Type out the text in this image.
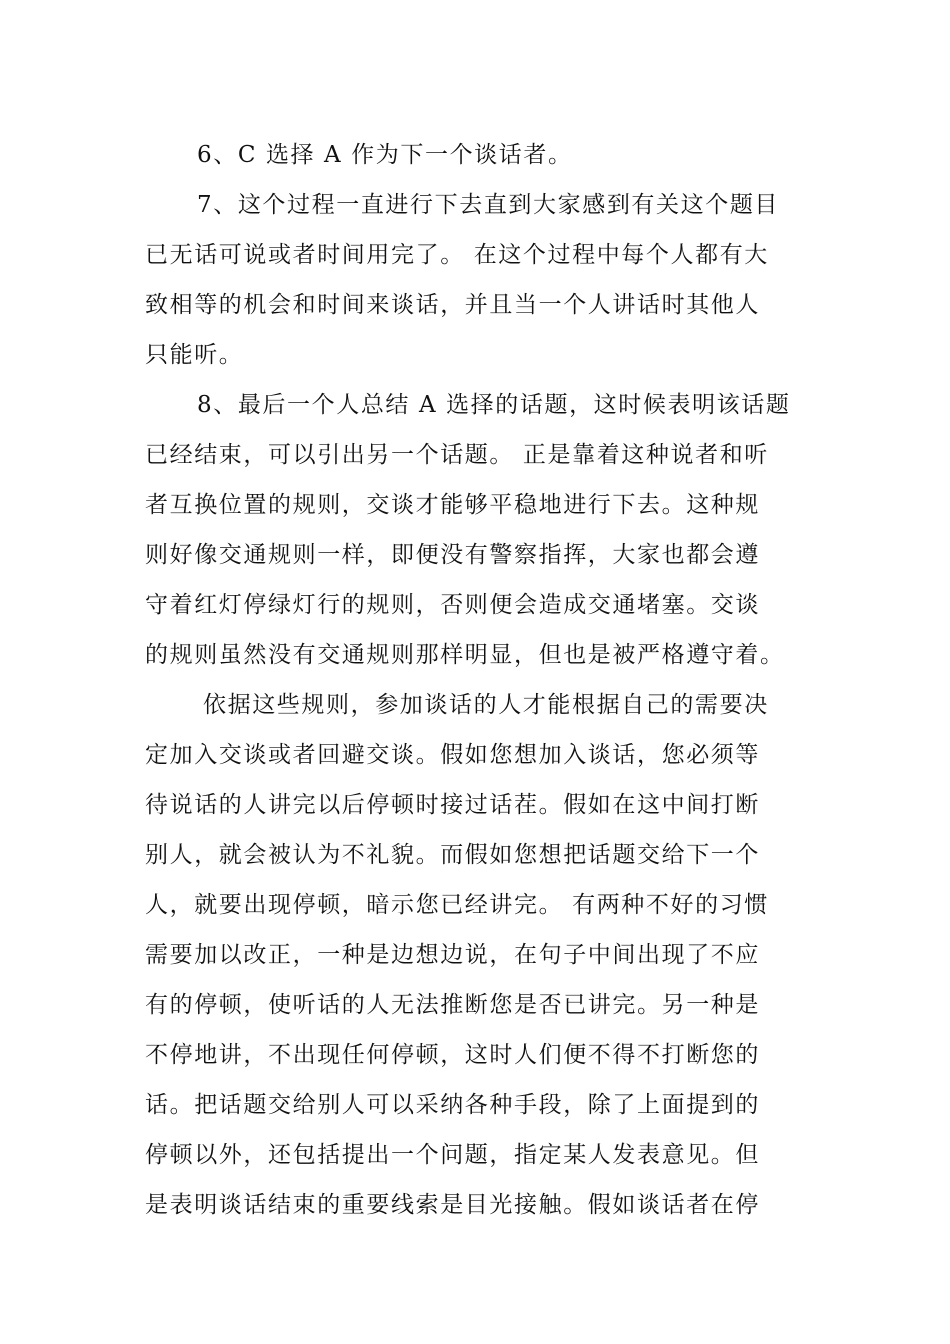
6、C 选择 A 作为下一个谈话者。
7、这个过程一直进行下去直到大家感到有关这个题目
已无话可说或者时间用完了。 在这个过程中每个人都有大
致相等的机会和时间来谈话，并且当一个人讲话时其他人
只能听。
8、最后一个人总结 A 选择的话题，这时候表明该话题
已经结束，可以引出另一个话题。 正是靠着这种说者和听
者互换位置的规则，交谈才能够平稳地进行下去。这种规
则好像交通规则一样，即便没有警察指挥，大家也都会遵
守着红灯停绿灯行的规则，否则便会造成交通堵塞。交谈
的规则虽然没有交通规则那样明显，但也是被严格遵守着。
依据这些规则，参加谈话的人才能根据自己的需要决
定加入交谈或者回避交谈。假如您想加入谈话，您必须等
待说话的人讲完以后停顿时接过话茬。假如在这中间打断
别人，就会被认为不礼貌。而假如您想把话题交给下一个
人，就要出现停顿，暗示您已经讲完。 有两种不好的习惯
需要加以改正，一种是边想边说，在句子中间出现了不应
有的停顿，使听话的人无法推断您是否已讲完。另一种是
不停地讲，不出现任何停顿，这时人们便不得不打断您的
话。把话题交给别人可以采纳各种手段，除了上面提到的
停顿以外，还包括提出一个问题，指定某人发表意见。但
是表明谈话结束的重要线索是目光接触。假如谈话者在停
